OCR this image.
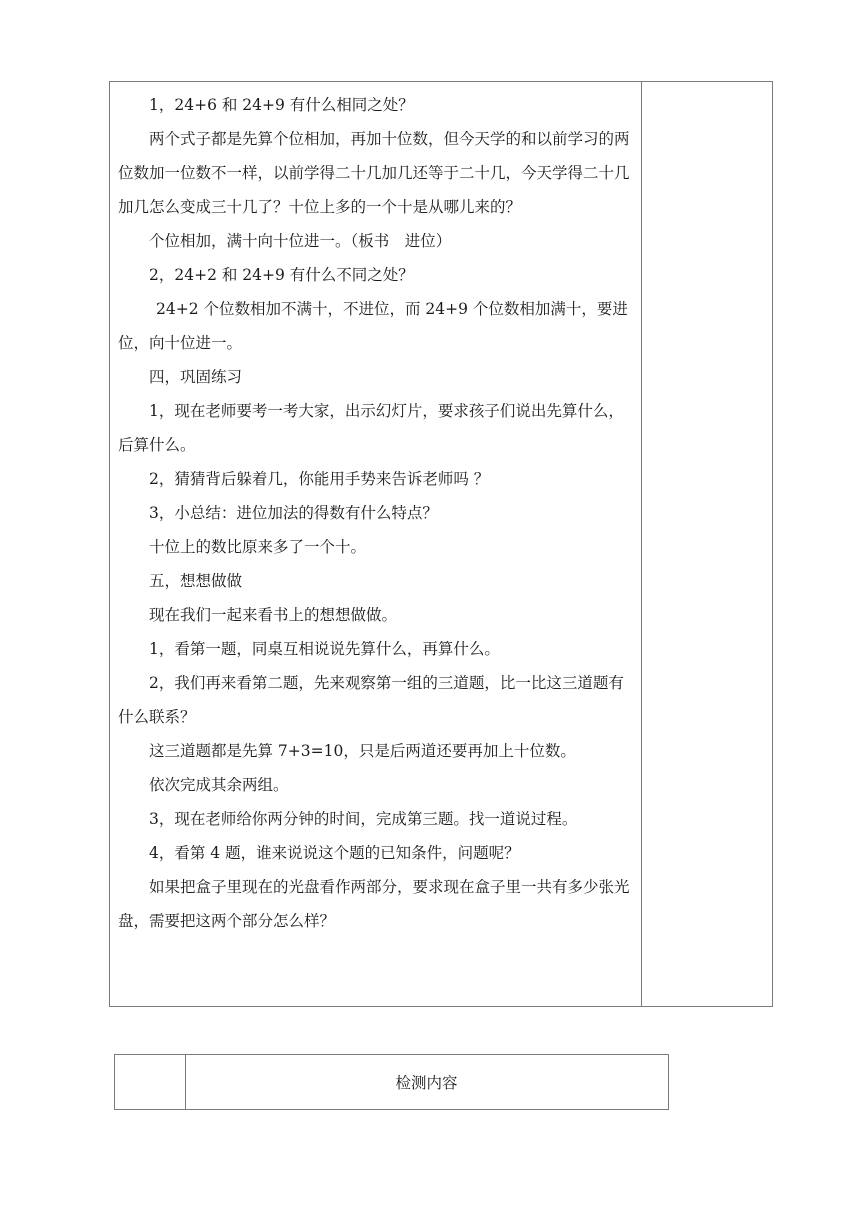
1，24+6 和 24+9 有什么相同之处？

两个式子都是先算个位相加，再加十位数，但今天学的和以前学习的两位数加一位数不一样，以前学得二十几加几还等于二十几，今天学得二十几加几怎么变成三十几了？十位上多的一个十是从哪儿来的？

个位相加，满十向十位进一。（板书　进位）

2，24+2 和 24+9 有什么不同之处？

24+2 个位数相加不满十，不进位，而 24+9 个位数相加满十，要进位，向十位进一。

四，巩固练习

1，现在老师要考一考大家，出示幻灯片，要求孩子们说出先算什么，后算什么。

2，猜猜背后躲着几，你能用手势来告诉老师吗 ？

3，小总结：进位加法的得数有什么特点？

十位上的数比原来多了一个十。

五，想想做做

现在我们一起来看书上的想想做做。

1，看第一题，同桌互相说说先算什么，再算什么。

2，我们再来看第二题，先来观察第一组的三道题，比一比这三道题有什么联系？

这三道题都是先算 7+3=10，只是后两道还要再加上十位数。

依次完成其余两组。

3，现在老师给你两分钟的时间，完成第三题。找一道说过程。

4，看第 4 题，谁来说说这个题的已知条件，问题呢？

如果把盒子里现在的光盘看作两部分，要求现在盒子里一共有多少张光盘，需要把这两个部分怎么样？

检测内容
